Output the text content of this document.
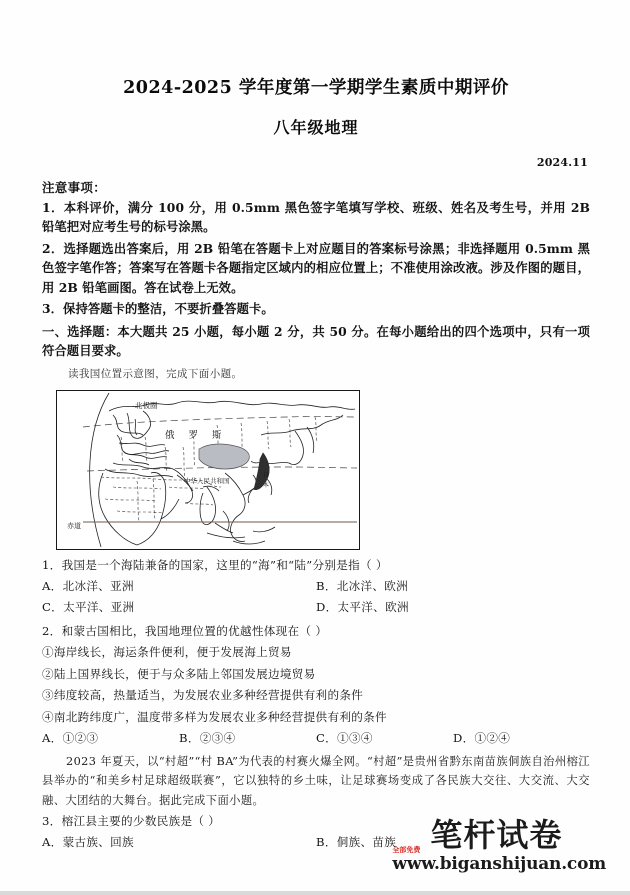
2024-2025 学年度第一学期学生素质中期评价
八年级地理
2024.11
注意事项：
1．本科评价，满分 100 分，用 0.5mm 黑色签字笔填写学校、班级、姓名及考生号，并用 2B 铅笔把对应考生号的标号涂黑。
2．选择题选出答案后，用 2B 铅笔在答题卡上对应题目的答案标号涂黑；非选择题用 0.5mm 黑色签字笔作答；答案写在答题卡各题指定区域内的相应位置上；不准使用涂改液。涉及作图的题目，用 2B 铅笔画图。答在试卷上无效。
3．保持答题卡的整洁，不要折叠答题卡。
一、选择题：本大题共 25 小题，每小题 2 分，共 50 分。在每小题给出的四个选项中，只有一项符合题目要求。
读我国位置示意图，完成下面小题。
北极圈
俄罗斯
中华人民共和国
日
本
赤道
1．我国是一个海陆兼备的国家，这里的“海”和“陆”分别是指（ ）
A．北冰洋、亚洲	B．北冰洋、欧洲
C．太平洋、亚洲	D．太平洋、欧洲
2．和蒙古国相比，我国地理位置的优越性体现在（ ）
①海岸线长，海运条件便利，便于发展海上贸易
②陆上国界线长，便于与众多陆上邻国发展边境贸易
③纬度较高，热量适当，为发展农业多种经营提供有利的条件
④南北跨纬度广，温度带多样为发展农业多种经营提供有利的条件
A．①②③	B．②③④	C．①③④	D．①②④
2023 年夏天，以“村超”“村 BA”为代表的村赛火爆全网。“村超”是贵州省黔东南苗族侗族自治州榕江县举办的“和美乡村足球超级联赛”，它以独特的乡土味，让足球赛场变成了各民族大交往、大交流、大交融、大团结的大舞台。据此完成下面小题。
3．榕江县主要的少数民族是（ ）
A．蒙古族、回族	B．侗族、苗族
全部免费 笔杆试卷
www.biganshijuan.com
